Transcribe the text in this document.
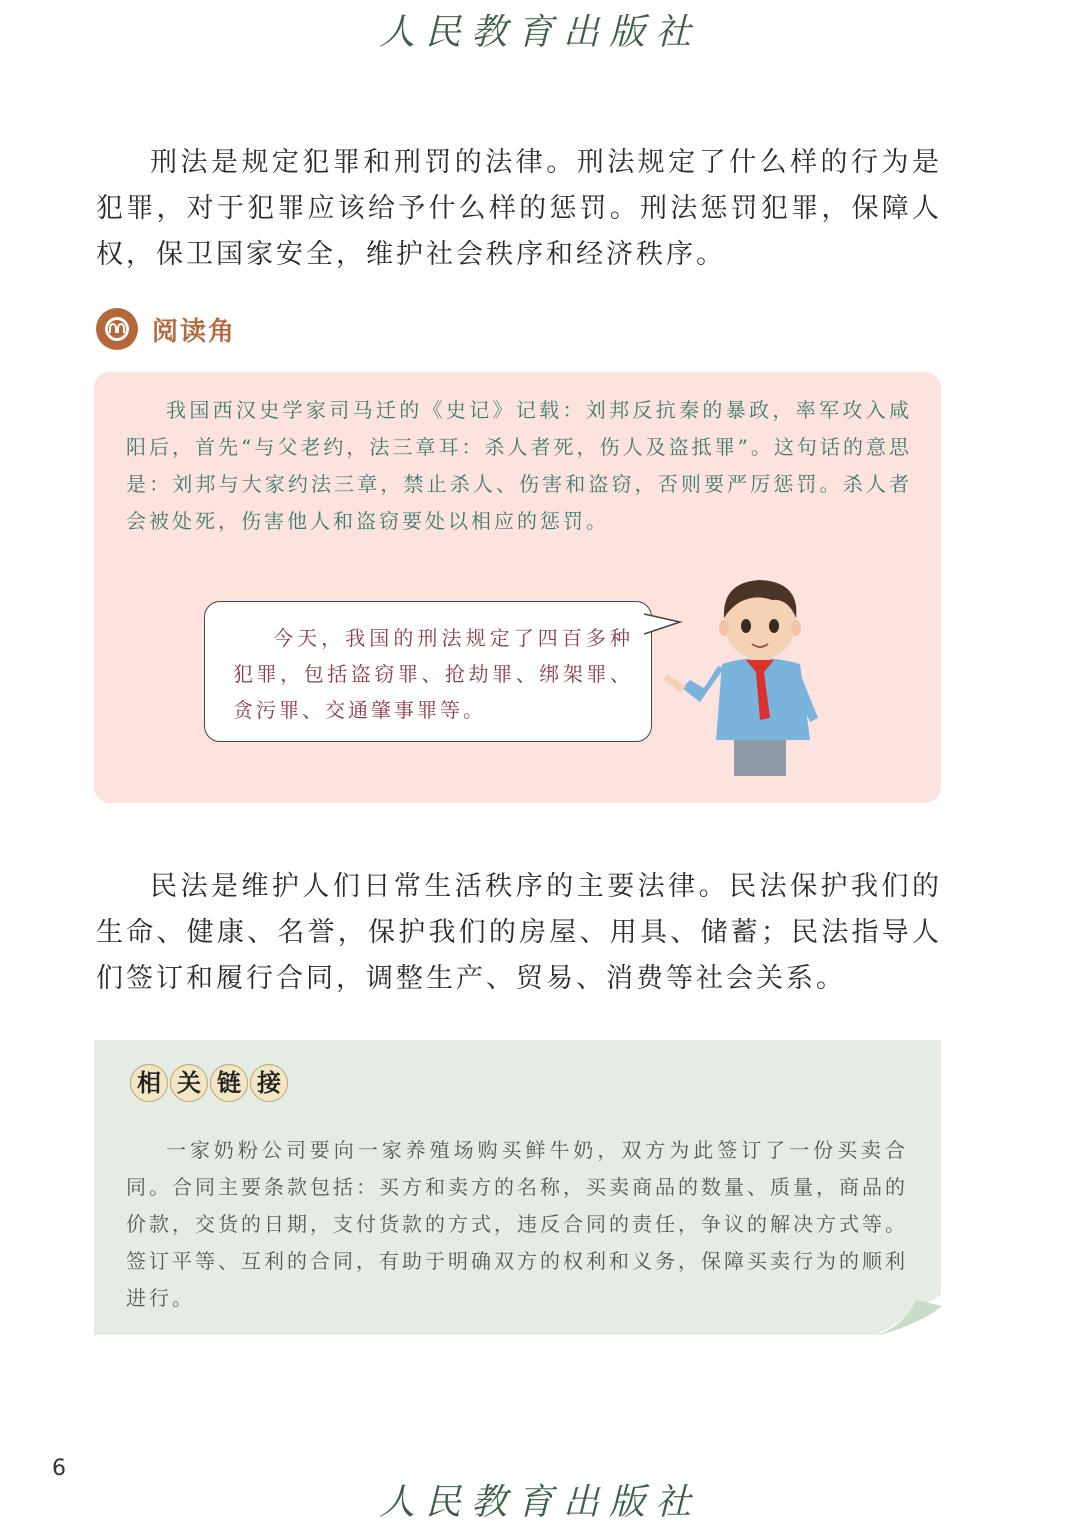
人民教育出版社

刑法是规定犯罪和刑罚的法律。刑法规定了什么样的行为是犯罪，对于犯罪应该给予什么样的惩罚。刑法惩罚犯罪，保障人权，保卫国家安全，维护社会秩序和经济秩序。

阅读角

我国西汉史学家司马迁的《史记》记载：刘邦反抗秦的暴政，率军攻入咸阳后，首先“与父老约，法三章耳：杀人者死，伤人及盗抵罪”。这句话的意思是：刘邦与大家约法三章，禁止杀人、伤害和盗窃，否则要严厉惩罚。杀人者会被处死，伤害他人和盗窃要处以相应的惩罚。

今天，我国的刑法规定了四百多种犯罪，包括盗窃罪、抢劫罪、绑架罪、贪污罪、交通肇事罪等。

民法是维护人们日常生活秩序的主要法律。民法保护我们的生命、健康、名誉，保护我们的房屋、用具、储蓄；民法指导人们签订和履行合同，调整生产、贸易、消费等社会关系。

相 关 链 接

一家奶粉公司要向一家养殖场购买鲜牛奶，双方为此签订了一份买卖合同。合同主要条款包括：买方和卖方的名称，买卖商品的数量、质量，商品的价款，交货的日期，支付货款的方式，违反合同的责任，争议的解决方式等。签订平等、互利的合同，有助于明确双方的权利和义务，保障买卖行为的顺利进行。

6
人民教育出版社
